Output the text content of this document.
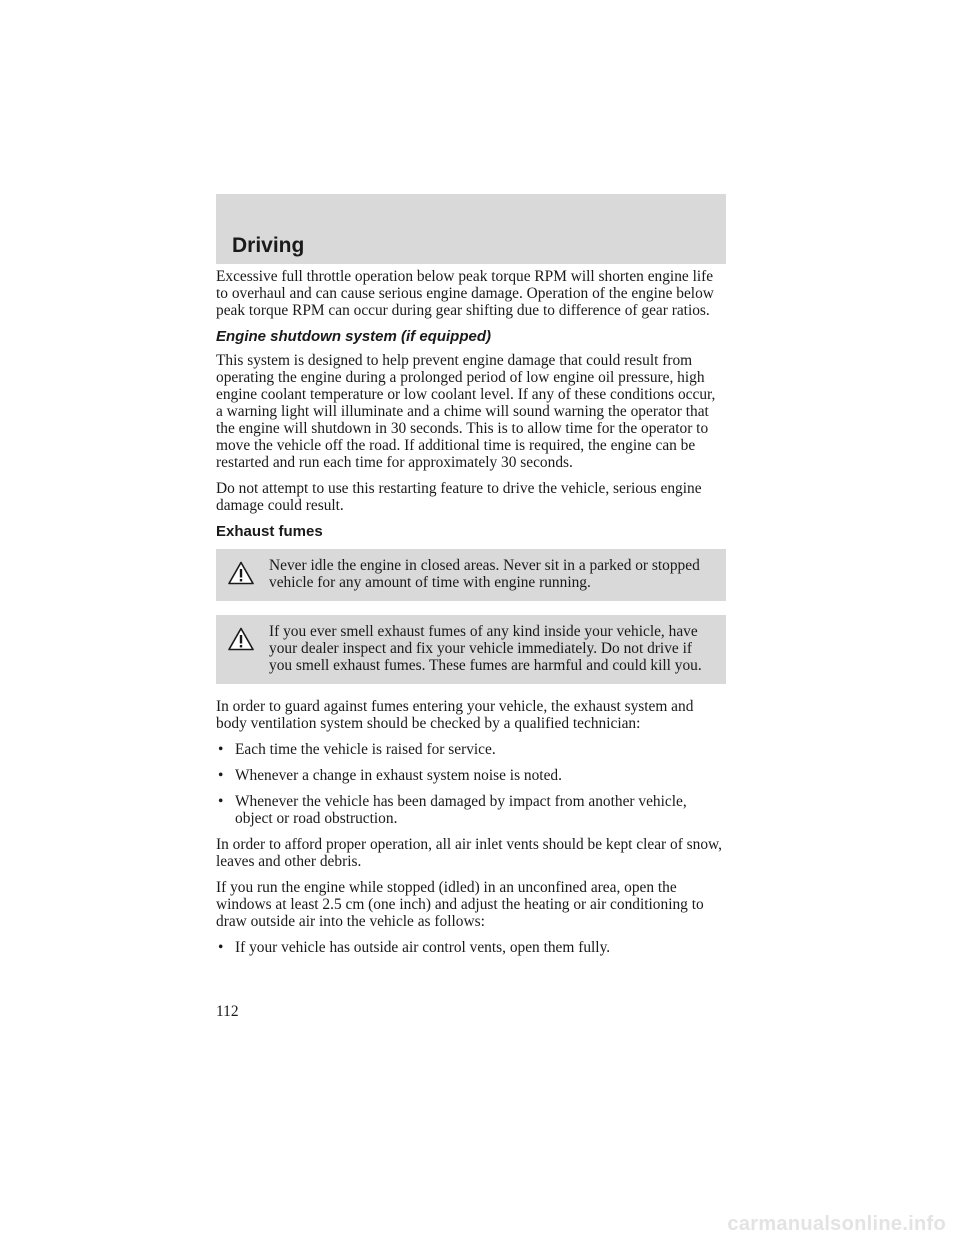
Driving

Excessive full throttle operation below peak torque RPM will shorten engine life to overhaul and can cause serious engine damage. Operation of the engine below peak torque RPM can occur during gear shifting due to difference of gear ratios.

Engine shutdown system (if equipped)

This system is designed to help prevent engine damage that could result from operating the engine during a prolonged period of low engine oil pressure, high engine coolant temperature or low coolant level. If any of these conditions occur, a warning light will illuminate and a chime will sound warning the operator that the engine will shutdown in 30 seconds. This is to allow time for the operator to move the vehicle off the road. If additional time is required, the engine can be restarted and run each time for approximately 30 seconds.

Do not attempt to use this restarting feature to drive the vehicle, serious engine damage could result.

Exhaust fumes
Never idle the engine in closed areas. Never sit in a parked or stopped vehicle for any amount of time with engine running.
If you ever smell exhaust fumes of any kind inside your vehicle, have your dealer inspect and fix your vehicle immediately. Do not drive if you smell exhaust fumes. These fumes are harmful and could kill you.

In order to guard against fumes entering your vehicle, the exhaust system and body ventilation system should be checked by a qualified technician:

• Each time the vehicle is raised for service.
• Whenever a change in exhaust system noise is noted.
• Whenever the vehicle has been damaged by impact from another vehicle, object or road obstruction.

In order to afford proper operation, all air inlet vents should be kept clear of snow, leaves and other debris.

If you run the engine while stopped (idled) in an unconfined area, open the windows at least 2.5 cm (one inch) and adjust the heating or air conditioning to draw outside air into the vehicle as follows:

• If your vehicle has outside air control vents, open them fully.
112
carmanualsonline.info
